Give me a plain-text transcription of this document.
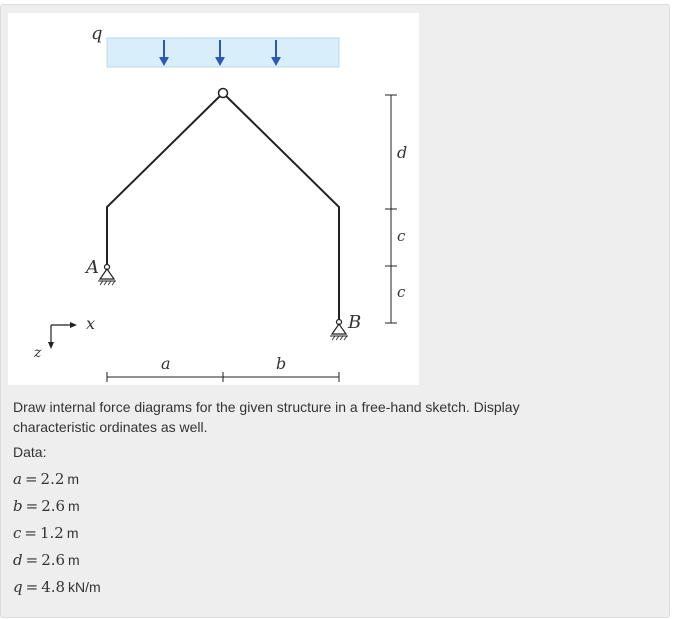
q
A
B
x
z
a	b
d
c
c
Draw internal force diagrams for the given structure in a free-hand sketch. Display characteristic ordinates as well.
Data:
a = 2.2 m
b = 2.6 m
c = 1.2 m
d = 2.6 m
q = 4.8 kN/m
